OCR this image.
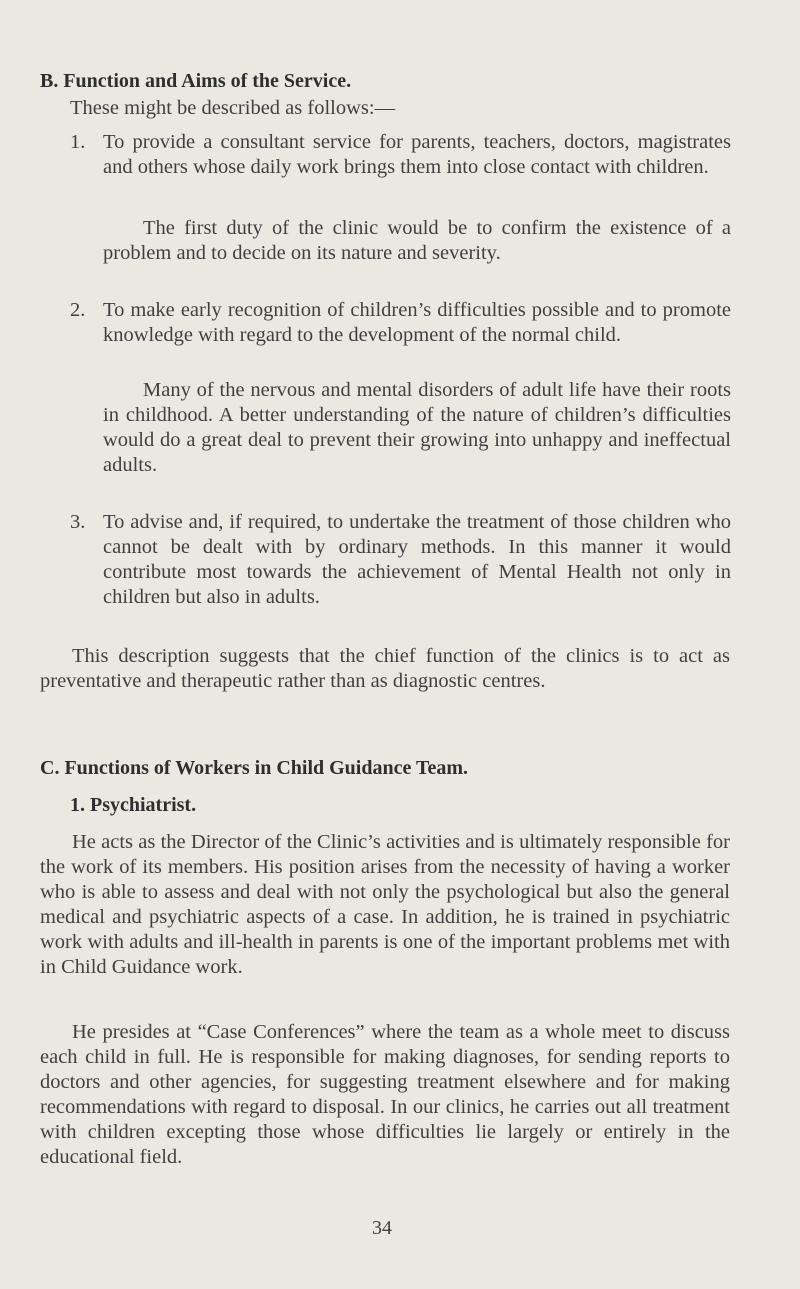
B. Function and Aims of the Service.
These might be described as follows:—
1. To provide a consultant service for parents, teachers, doctors, magistrates and others whose daily work brings them into close contact with children.
The first duty of the clinic would be to confirm the existence of a problem and to decide on its nature and severity.
2. To make early recognition of children’s difficulties possible and to promote knowledge with regard to the development of the normal child.
Many of the nervous and mental disorders of adult life have their roots in childhood. A better understanding of the nature of children’s difficulties would do a great deal to prevent their growing into unhappy and ineffectual adults.
3. To advise and, if required, to undertake the treatment of those children who cannot be dealt with by ordinary methods. In this manner it would contribute most towards the achievement of Mental Health not only in children but also in adults.
This description suggests that the chief function of the clinics is to act as preventative and therapeutic rather than as diagnostic centres.
C. Functions of Workers in Child Guidance Team.
1. Psychiatrist.
He acts as the Director of the Clinic’s activities and is ultimately responsible for the work of its members. His position arises from the necessity of having a worker who is able to assess and deal with not only the psychological but also the general medical and psychiatric aspects of a case. In addition, he is trained in psychiatric work with adults and ill-health in parents is one of the important problems met with in Child Guidance work.
He presides at “Case Conferences” where the team as a whole meet to discuss each child in full. He is responsible for making diagnoses, for sending reports to doctors and other agencies, for suggesting treatment elsewhere and for making recommendations with regard to disposal. In our clinics, he carries out all treatment with children excepting those whose difficulties lie largely or entirely in the educational field.
34
